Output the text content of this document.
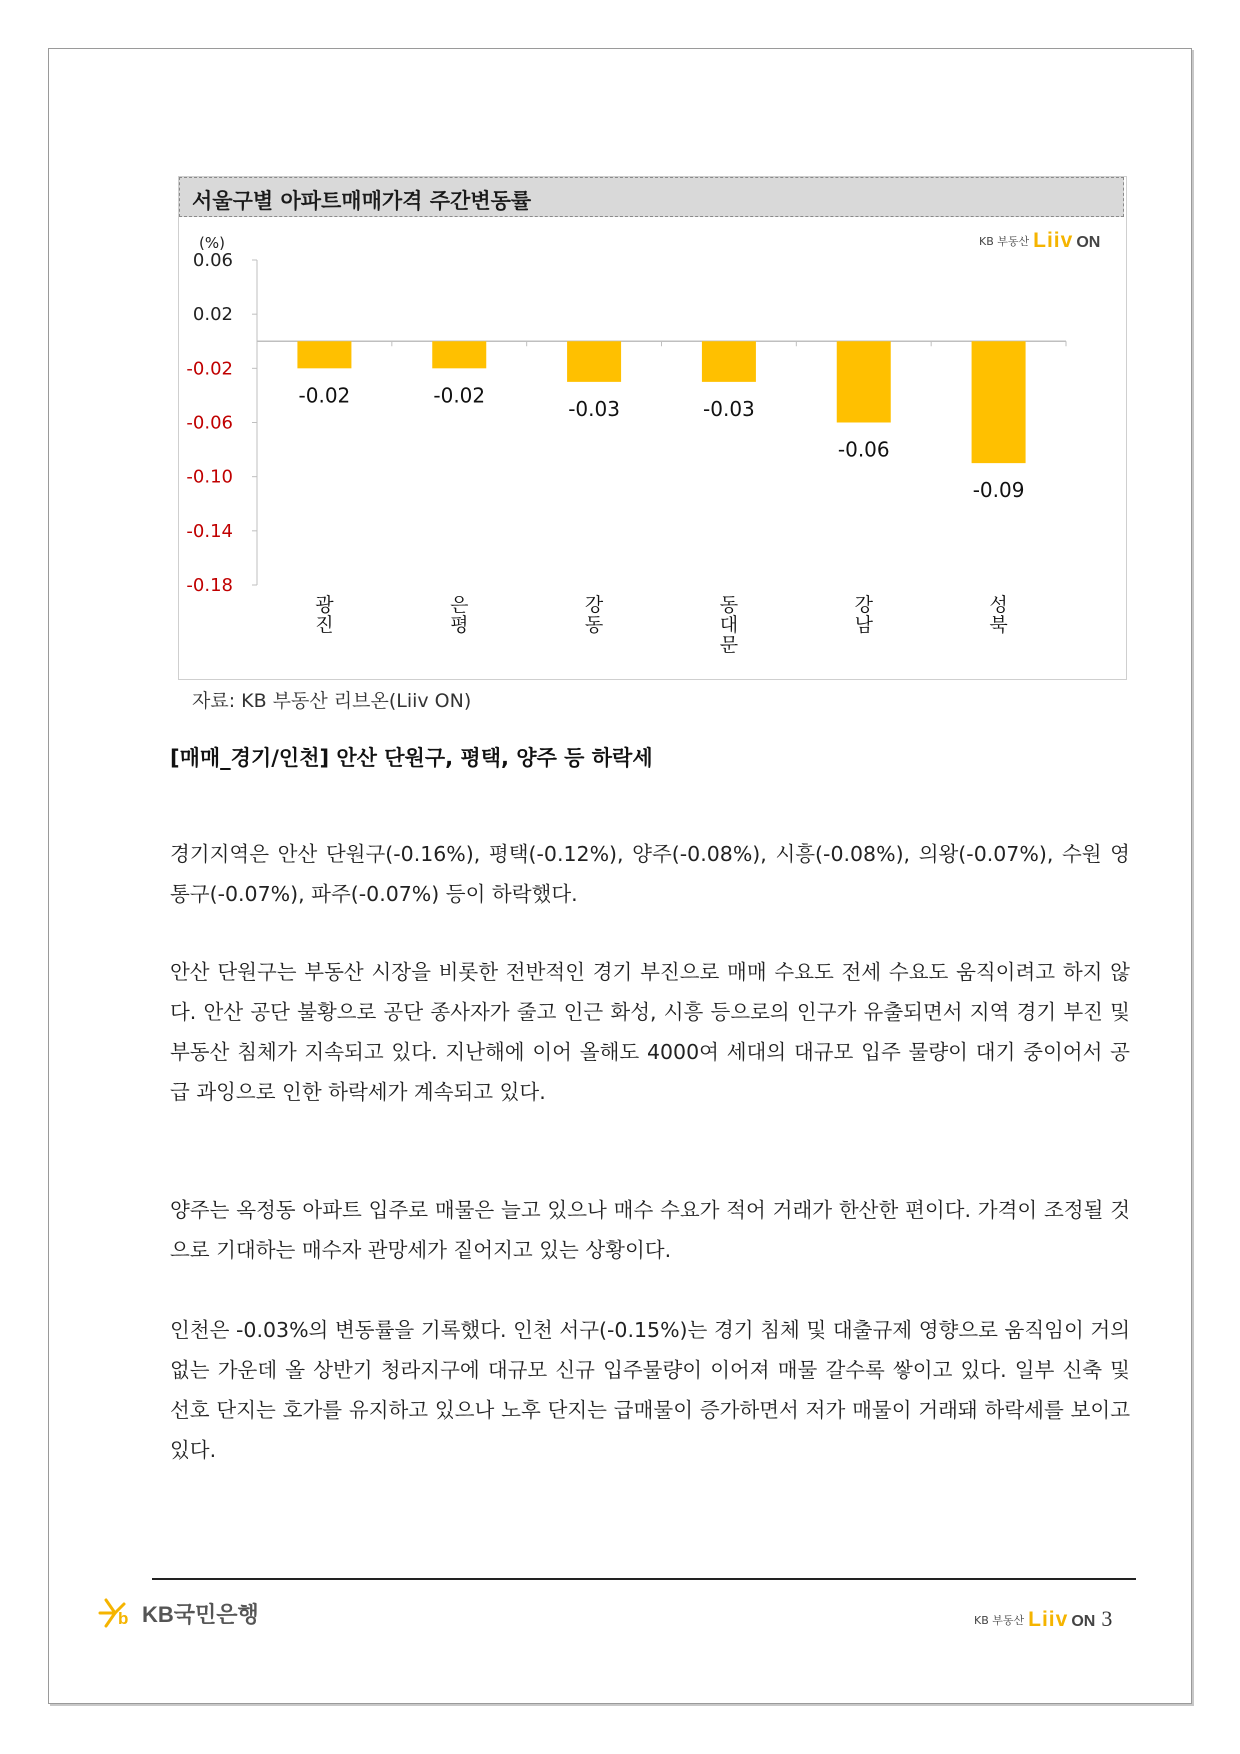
서울구별 아파트매매가격 주간변동률
KB 부동산 Liiv ON
(%)
0.06
0.02
-0.02
-0.06
-0.10
-0.14
-0.18
-0.02
광 진
-0.02
은 평
-0.03
강 동
-0.03
동 대 문
-0.06
강 남
-0.09
성 북
자료: KB 부동산 리브온(Liiv ON)
[매매_경기/인천] 안산 단원구, 평택, 양주 등 하락세
경기지역은 안산 단원구(-0.16%), 평택(-0.12%), 양주(-0.08%), 시흥(-0.08%), 의왕(-0.07%), 수원 영통구(-0.07%), 파주(-0.07%) 등이 하락했다.
안산 단원구는 부동산 시장을 비롯한 전반적인 경기 부진으로 매매 수요도 전세 수요도 움직이려고 하지 않다. 안산 공단 불황으로 공단 종사자가 줄고 인근 화성, 시흥 등으로의 인구가 유출되면서 지역 경기 부진 및 부동산 침체가 지속되고 있다. 지난해에 이어 올해도 4000여 세대의 대규모 입주 물량이 대기 중이어서 공급 과잉으로 인한 하락세가 계속되고 있다.
양주는 옥정동 아파트 입주로 매물은 늘고 있으나 매수 수요가 적어 거래가 한산한 편이다. 가격이 조정될 것으로 기대하는 매수자 관망세가 짙어지고 있는 상황이다.
인천은 -0.03%의 변동률을 기록했다. 인천 서구(-0.15%)는 경기 침체 및 대출규제 영향으로 움직임이 거의 없는 가운데 올 상반기 청라지구에 대규모 신규 입주물량이 이어져 매물 갈수록 쌓이고 있다. 일부 신축 및 선호 단지는 호가를 유지하고 있으나 노후 단지는 급매물이 증가하면서 저가 매물이 거래돼 하락세를 보이고 있다.
b KB국민은행	KB 부동산 Liiv ON 3
